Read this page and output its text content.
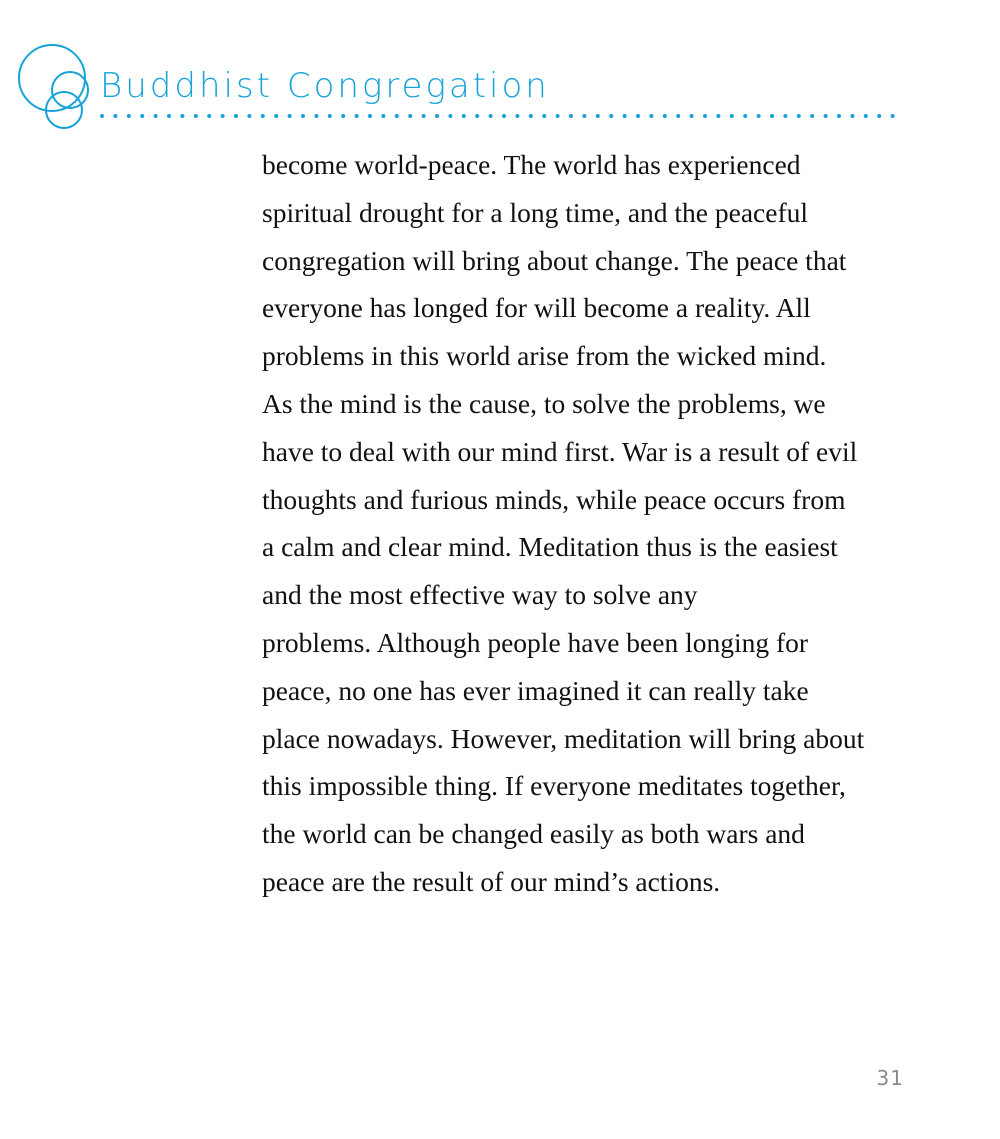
Buddhist Congregation
become world-peace. The world has experienced
spiritual drought for a long time, and the peaceful
congregation will bring about change. The peace that
everyone has longed for will become a reality. All
problems in this world arise from the wicked mind.
As the mind is the cause, to solve the problems, we
have to deal with our mind first. War is a result of evil
thoughts and furious minds, while peace occurs from
a calm and clear mind. Meditation thus is the easiest
and the most effective way to solve any
problems. Although people have been longing for
peace, no one has ever imagined it can really take
place nowadays. However, meditation will bring about
this impossible thing. If everyone meditates together,
the world can be changed easily as both wars and
peace are the result of our mind’s actions.
31
